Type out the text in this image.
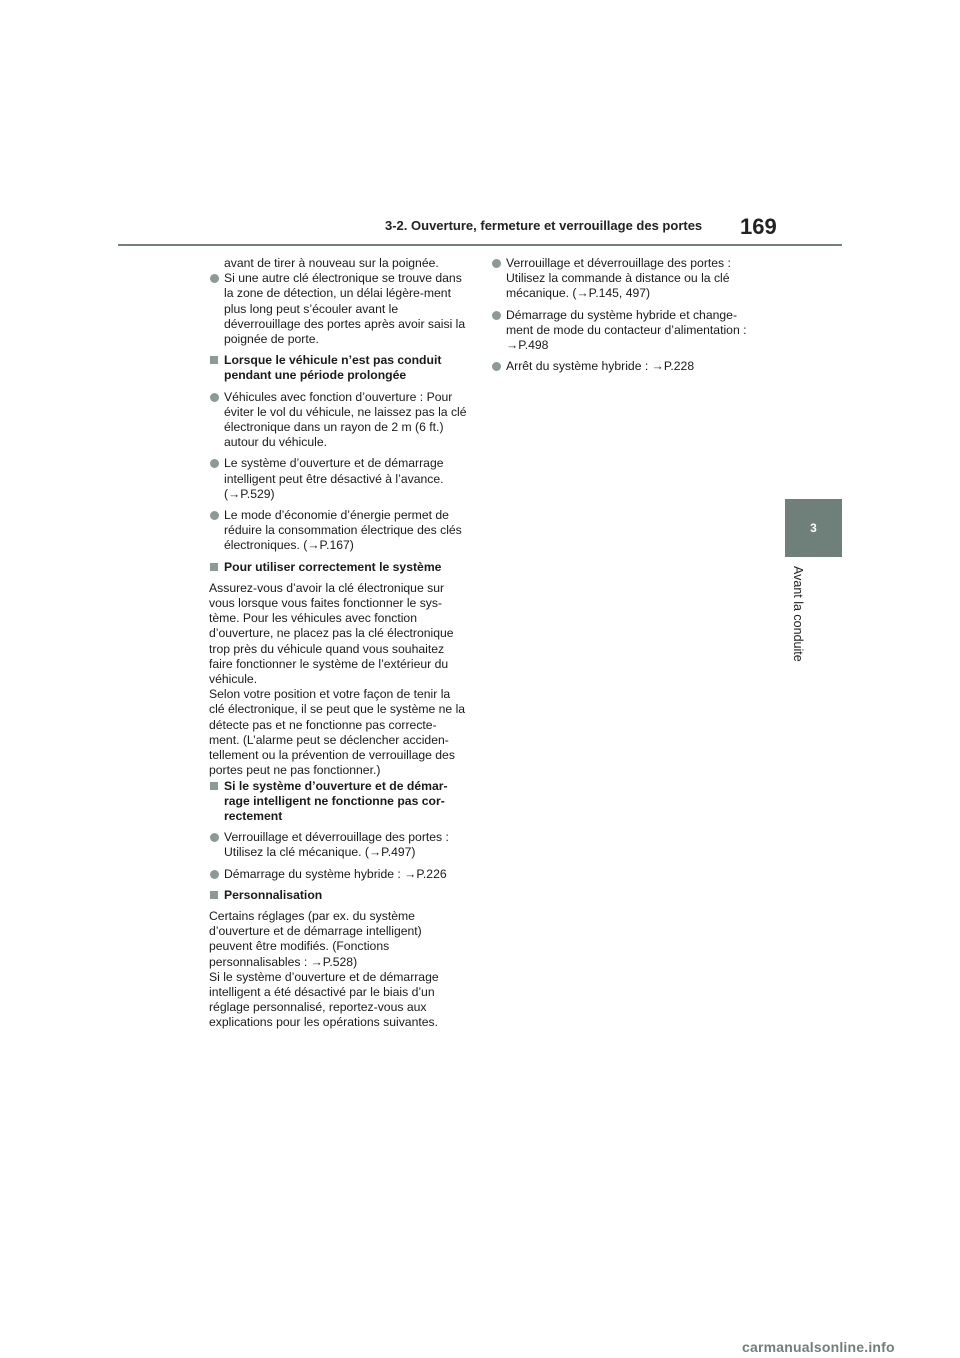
3-2. Ouverture, fermeture et verrouillage des portes 169
3
Avant la conduite

avant de tirer à nouveau sur la poignée.

Si une autre clé électronique se trouve dans la zone de détection, un délai légère-ment plus long peut s’écouler avant le déverrouillage des portes après avoir saisi la poignée de porte.
Lorsque le véhicule n’est pas conduit pendant une période prolongée
Véhicules avec fonction d’ouverture : Pour éviter le vol du véhicule, ne laissez pas la clé électronique dans un rayon de 2 m (6 ft.) autour du véhicule.
Le système d’ouverture et de démarrage intelligent peut être désactivé à l’avance. (→P.529)
Le mode d’économie d’énergie permet de réduire la consommation électrique des clés électroniques. (→P.167)
Pour utiliser correctement le système

Assurez-vous d’avoir la clé électronique sur vous lorsque vous faites fonctionner le sys-tème. Pour les véhicules avec fonction d’ouverture, ne placez pas la clé électronique trop près du véhicule quand vous souhaitez faire fonctionner le système de l’extérieur du véhicule.

Selon votre position et votre façon de tenir la clé électronique, il se peut que le système ne la détecte pas et ne fonctionne pas correcte-ment. (L’alarme peut se déclencher acciden-tellement ou la prévention de verrouillage des portes peut ne pas fonctionner.)

Si le système d’ouverture et de démar-rage intelligent ne fonctionne pas cor-rectement
Verrouillage et déverrouillage des portes : Utilisez la clé mécanique. (→P.497)
Démarrage du système hybride : →P.226
Personnalisation

Certains réglages (par ex. du système d’ouverture et de démarrage intelligent) peuvent être modifiés. (Fonctions personnalisables : →P.528)

Si le système d’ouverture et de démarrage intelligent a été désactivé par le biais d’un réglage personnalisé, reportez-vous aux explications pour les opérations suivantes.

Verrouillage et déverrouillage des portes : Utilisez la commande à distance ou la clé mécanique. (→P.145, 497)
Démarrage du système hybride et change-ment de mode du contacteur d’alimentation : →P.498
Arrêt du système hybride : →P.228
carmanualsonline.info
